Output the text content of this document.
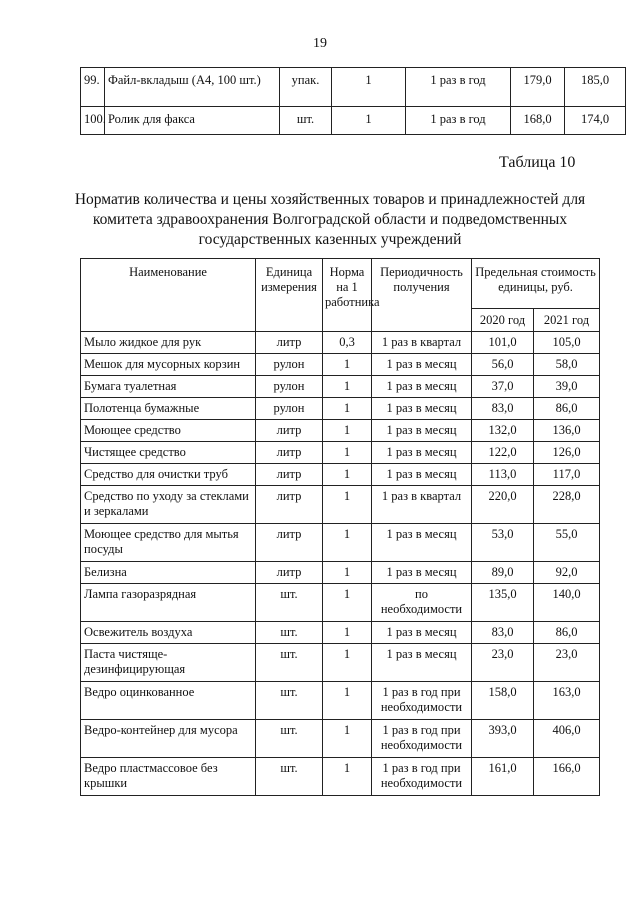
19
99.	Файл-вкладыш (А4, 100 шт.)	упак.	1	1 раз в год	179,0	185,0
100.	Ролик для факса	шт.	1	1 раз в год	168,0	174,0
Таблица 10
Норматив количества и цены хозяйственных товаров и принадлежностей для комитета здравоохранения Волгоградской области и подведомственных государственных казенных учреждений
Наименование	Единица измерения	Норма на 1 работника	Периодичность получения	Предельная стоимость единицы, руб.	
				2020 год	2021 год
Мыло жидкое для рук	литр	0,3	1 раз в квартал	101,0	105,0
Мешок для мусорных корзин	рулон	1	1 раз в месяц	56,0	58,0
Бумага туалетная	рулон	1	1 раз в месяц	37,0	39,0
Полотенца бумажные	рулон	1	1 раз в месяц	83,0	86,0
Моющее средство	литр	1	1 раз в месяц	132,0	136,0
Чистящее средство	литр	1	1 раз в месяц	122,0	126,0
Средство для очистки труб	литр	1	1 раз в месяц	113,0	117,0
Средство по уходу за стеклами и зеркалами	литр	1	1 раз в квартал	220,0	228,0
Моющее средство для мытья посуды	литр	1	1 раз в месяц	53,0	55,0
Белизна	литр	1	1 раз в месяц	89,0	92,0
Лампа газоразрядная	шт.	1	по необходимости	135,0	140,0
Освежитель воздуха	шт.	1	1 раз в месяц	83,0	86,0
Паста чистяще-дезинфицирующая	шт.	1	1 раз в месяц	23,0	23,0
Ведро оцинкованное	шт.	1	1 раз в год при необходимости	158,0	163,0
Ведро-контейнер для мусора	шт.	1	1 раз в год при необходимости	393,0	406,0
Ведро пластмассовое без крышки	шт.	1	1 раз в год при необходимости	161,0	166,0
